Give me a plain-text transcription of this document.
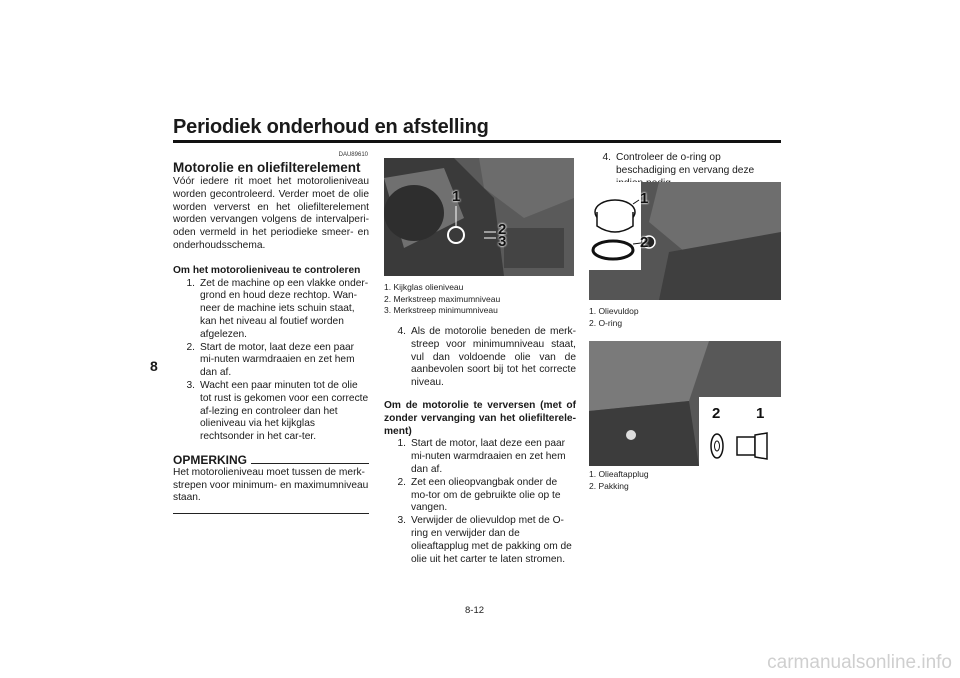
Periodiek onderhoud en afstelling
8
DAU89610
Motorolie en oliefilterelement

Vóór iedere rit moet het motorolieniveau worden gecontroleerd. Verder moet de olie worden ververst en het oliefilterelement worden vervangen volgens de intervalperi-oden vermeld in het periodieke smeer- en onderhoudsschema.

Om het motorolieniveau te controleren

1. Zet de machine op een vlakke onder-grond en houd deze rechtop. Wan-neer de machine iets schuin staat, kan het niveau al foutief worden afgelezen.
2. Start de motor, laat deze een paar mi-nuten warmdraaien en zet hem dan af.
3. Wacht een paar minuten tot de olie tot rust is gekomen voor een correcte af-lezing en controleer dan het olieniveau via het kijkglas rechtsonder in het car-ter.
OPMERKING

Het motorolieniveau moet tussen de merk-strepen voor minimum- en maximumniveau staan.

1
2
3
1. Kijkglas olieniveau
2. Merkstreep maximumniveau
3. Merkstreep minimumniveau
4. Als de motorolie beneden de merk-streep voor minimumniveau staat, vul dan voldoende olie van de aanbevolen soort bij tot het correcte niveau.

Om de motorolie te verversen (met of zonder vervanging van het oliefilterele-ment)

1. Start de motor, laat deze een paar mi-nuten warmdraaien en zet hem dan af.
2. Zet een olieopvangbak onder de mo-tor om de gebruikte olie op te vangen.
3. Verwijder de olievuldop met de O-ring en verwijder dan de olieaftapplug met de pakking om de olie uit het carter te laten stromen.
4. Controleer de o-ring op beschadiging en vervang deze
1
2
1. Olievuldop
2. O-ring
2 1
1. Olieaftapplug
2. Pakking
8-12
carmanualsonline.info
